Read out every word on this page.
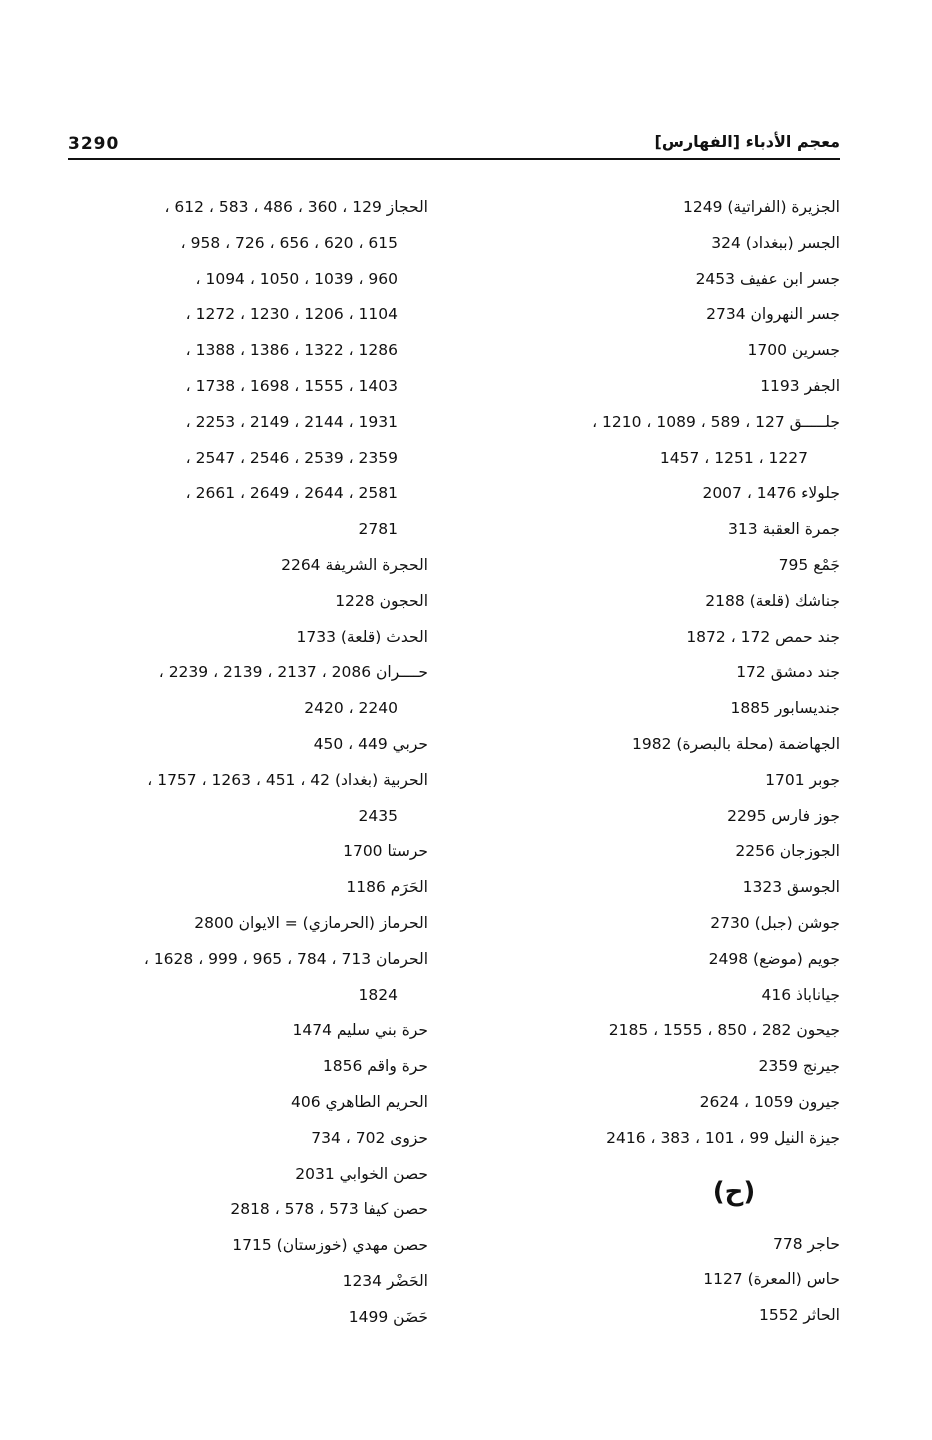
3290	معجم الأدباء [الفهارس]
الجزيرة (الفراتية) 1249
الجسر (ببغداد) 324
جسر ابن عفيف 2453
جسر النهروان 2734
جسرين 1700
الجفر 1193
جلـــــق 127 ، 589 ، 1089 ، 1210 ،
1227 ، 1251 ، 1457
جلولاء 1476 ، 2007
جمرة العقبة 313
جَمْع 795
جناشك (قلعة) 2188
جند حمص 172 ، 1872
جند دمشق 172
جنديسابور 1885
الجهاضمة (محلة بالبصرة) 1982
جوبر 1701
جوز فارس 2295
الجوزجان 2256
الجوسق 1323
جوشن (جبل) 2730
جويم (موضع) 2498
جياناباذ 416
جيحون 282 ، 850 ، 1555 ، 2185
جيرنج 2359
جيرون 1059 ، 2624
جيزة النيل 99 ، 101 ، 383 ، 2416
(ح)
حاجر 778
حاس (المعرة) 1127
الحاثر 1552
الحجاز 129 ، 360 ، 486 ، 583 ، 612 ،
615 ، 620 ، 656 ، 726 ، 958 ،
960 ، 1039 ، 1050 ، 1094 ،
1104 ، 1206 ، 1230 ، 1272 ،
1286 ، 1322 ، 1386 ، 1388 ،
1403 ، 1555 ، 1698 ، 1738 ،
1931 ، 2144 ، 2149 ، 2253 ،
2359 ، 2539 ، 2546 ، 2547 ،
2581 ، 2644 ، 2649 ، 2661 ،
2781
الحجرة الشريفة 2264
الحجون 1228
الحدث (قلعة) 1733
حــــران 2086 ، 2137 ، 2139 ، 2239 ،
2240 ، 2420
حربي 449 ، 450
الحربية (بغداد) 42 ، 451 ، 1263 ، 1757 ،
2435
حرستا 1700
الحَرَم 1186
الحرماز (الحرمازي) = الايوان 2800
الحرمان 713 ، 784 ، 965 ، 999 ، 1628 ،
1824
حرة بني سليم 1474
حرة واقم 1856
الحريم الطاهري 406
حزوى 702 ، 734
حصن الخوابي 2031
حصن كيفا 573 ، 578 ، 2818
حصن مهدي (خوزستان) 1715
الحَضْر 1234
حَضَن 1499
